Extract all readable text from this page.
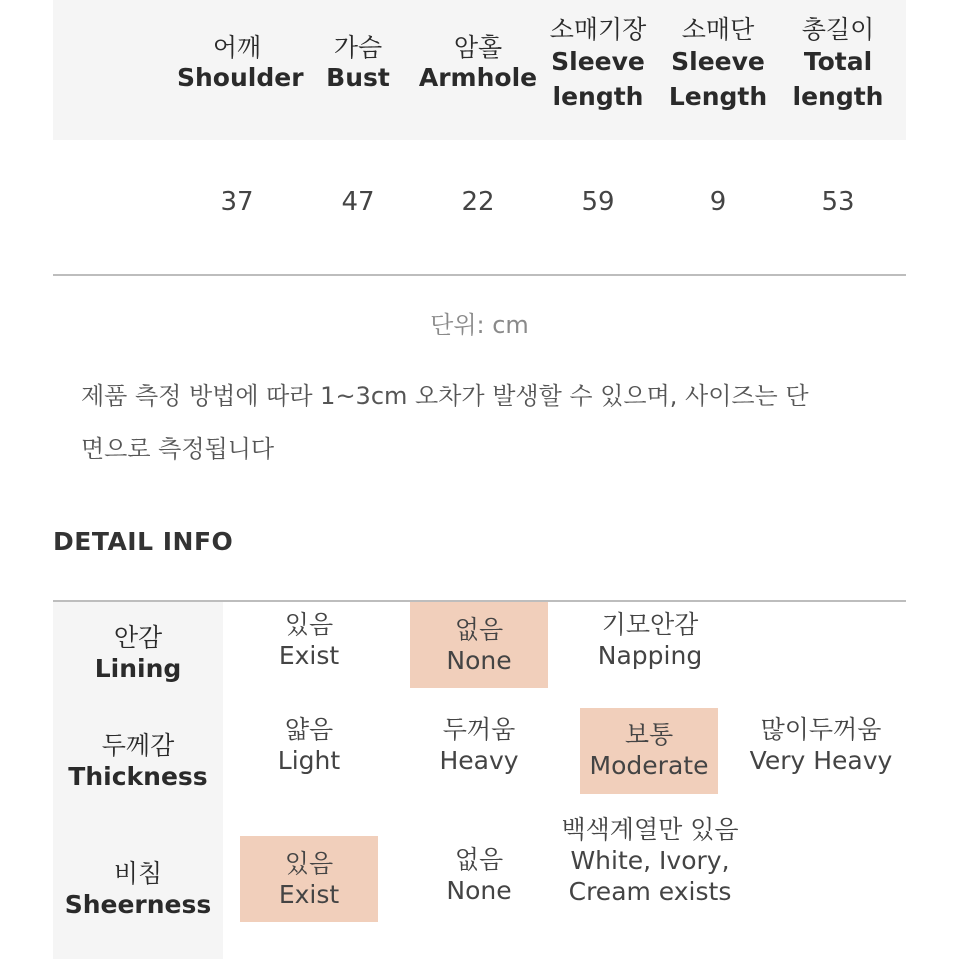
어깨
Shoulder
37
가슴
Bust
47
암홀
Armhole
22
소매기장
Sleeve
length
59
소매단
Sleeve
Length
9
총길이
Total
length
53
단위: cm
제품 측정 방법에 따라 1~3cm 오차가 발생할 수 있으며, 사이즈는 단
면으로 측정됩니다
DETAIL INFO
안감
Lining
있음
Exist
없음
None
기모안감
Napping
두께감
Thickness
얇음
Light
두꺼움
Heavy
보통
Moderate
많이두꺼움
Very Heavy
비침
Sheerness
있음
Exist
없음
None
백색계열만 있음
White, Ivory, Cream exists
